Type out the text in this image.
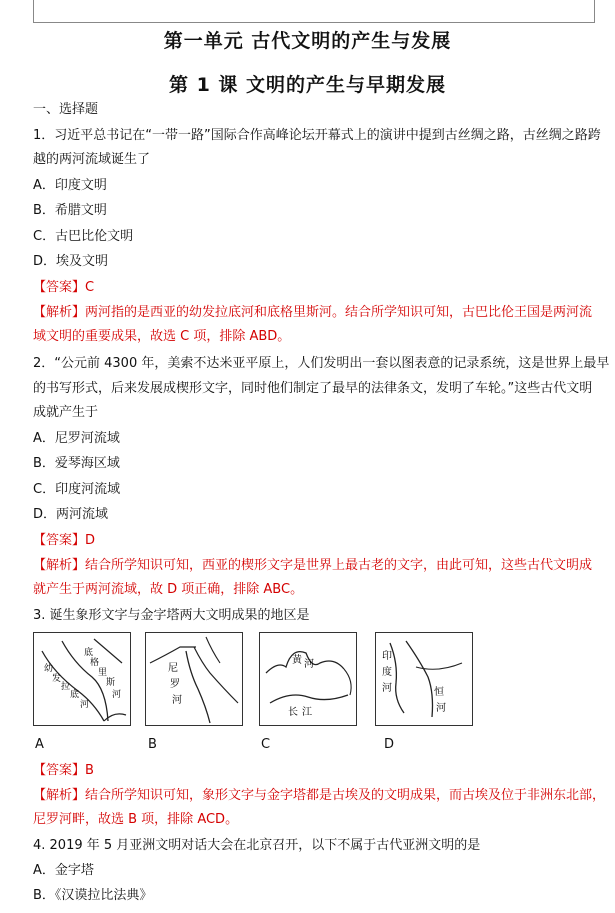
第一单元 古代文明的产生与发展
第 1 课 文明的产生与早期发展
一、选择题
1．习近平总书记在“一带一路”国际合作高峰论坛开幕式上的演讲中提到古丝绸之路，古丝绸之路跨
越的两河流域诞生了
A．印度文明
B．希腊文明
C．古巴比伦文明
D．埃及文明
【答案】C
【解析】两河指的是西亚的幼发拉底河和底格里斯河。结合所学知识可知，古巴比伦王国是两河流
域文明的重要成果，故选 C 项，排除 ABD。
2．“公元前 4300 年，美索不达米亚平原上，人们发明出一套以图表意的记录系统，这是世界上最早
的书写形式，后来发展成楔形文字，同时他们制定了最早的法律条文，发明了车轮。”这些古代文明
成就产生于
A．尼罗河流域
B．爱琴海区域
C．印度河流域
D．两河流域
【答案】D
【解析】结合所学知识可知，西亚的楔形文字是世界上最古老的文字，由此可知，这些古代文明成
就产生于两河流域，故 D 项正确，排除 ABC。
3. 诞生象形文字与金字塔两大文明成果的地区是
幼
发
拉
底
河
底
格
里
斯
河
尼
罗
河
黄 河
长 江
印
度
河	恒
河
A	B	C	D
【答案】B
【解析】结合所学知识可知，象形文字与金字塔都是古埃及的文明成果，而古埃及位于非洲东北部，
尼罗河畔，故选 B 项，排除 ACD。
4. 2019 年 5 月亚洲文明对话大会在北京召开，以下不属于古代亚洲文明的是
A．金字塔
B．《汉谟拉比法典》
